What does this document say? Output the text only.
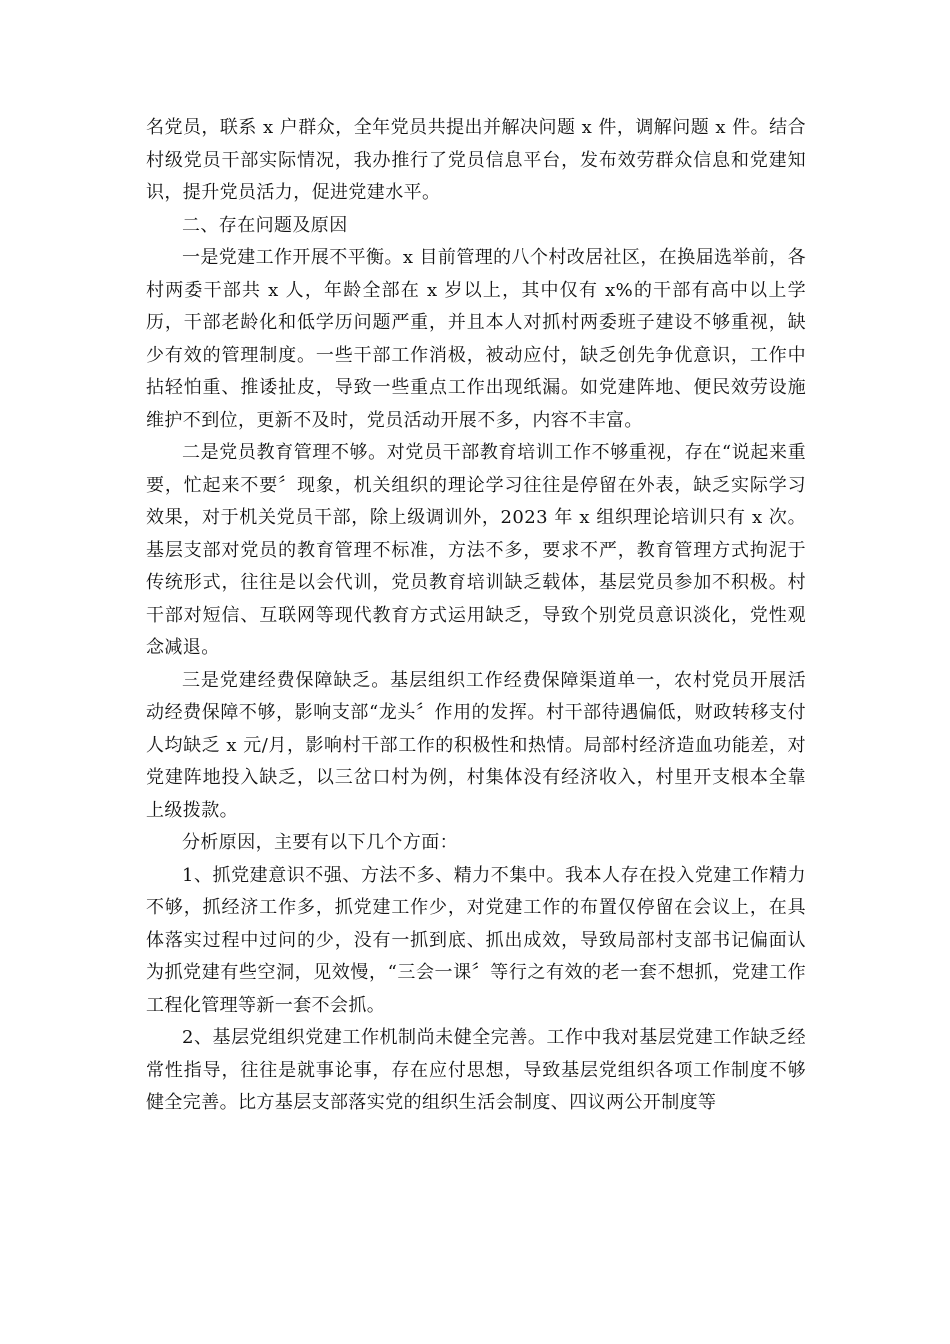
名党员，联系 x 户群众，全年党员共提出并解决问题 x 件，调解问题 x 件。结合村级党员干部实际情况，我办推行了党员信息平台，发布效劳群众信息和党建知识，提升党员活力，促进党建水平。

二、存在问题及原因

一是党建工作开展不平衡。x 目前管理的八个村改居社区，在换届选举前，各村两委干部共 x 人，年龄全部在 x 岁以上，其中仅有 x%的干部有高中以上学历，干部老龄化和低学历问题严重，并且本人对抓村两委班子建设不够重视，缺少有效的管理制度。一些干部工作消极，被动应付，缺乏创先争优意识，工作中拈轻怕重、推诿扯皮，导致一些重点工作出现纸漏。如党建阵地、便民效劳设施维护不到位，更新不及时，党员活动开展不多，内容不丰富。

二是党员教育管理不够。对党员干部教育培训工作不够重视，存在“说起来重要，忙起来不要〞现象，机关组织的理论学习往往是停留在外表，缺乏实际学习效果，对于机关党员干部，除上级调训外，2023 年 x 组织理论培训只有 x 次。基层支部对党员的教育管理不标准，方法不多，要求不严，教育管理方式拘泥于传统形式，往往是以会代训，党员教育培训缺乏载体，基层党员参加不积极。村干部对短信、互联网等现代教育方式运用缺乏，导致个别党员意识淡化，党性观念减退。

三是党建经费保障缺乏。基层组织工作经费保障渠道单一，农村党员开展活动经费保障不够，影响支部“龙头〞作用的发挥。村干部待遇偏低，财政转移支付人均缺乏 x 元/月，影响村干部工作的积极性和热情。局部村经济造血功能差，对党建阵地投入缺乏，以三岔口村为例，村集体没有经济收入，村里开支根本全靠上级拨款。

分析原因，主要有以下几个方面：

1、抓党建意识不强、方法不多、精力不集中。我本人存在投入党建工作精力不够，抓经济工作多，抓党建工作少，对党建工作的布置仅停留在会议上，在具体落实过程中过问的少，没有一抓到底、抓出成效，导致局部村支部书记偏面认为抓党建有些空洞，见效慢，“三会一课〞等行之有效的老一套不想抓，党建工作工程化管理等新一套不会抓。

2、基层党组织党建工作机制尚未健全完善。工作中我对基层党建工作缺乏经常性指导，往往是就事论事，存在应付思想，导致基层党组织各项工作制度不够健全完善。比方基层支部落实党的组织生活会制度、四议两公开制度等
